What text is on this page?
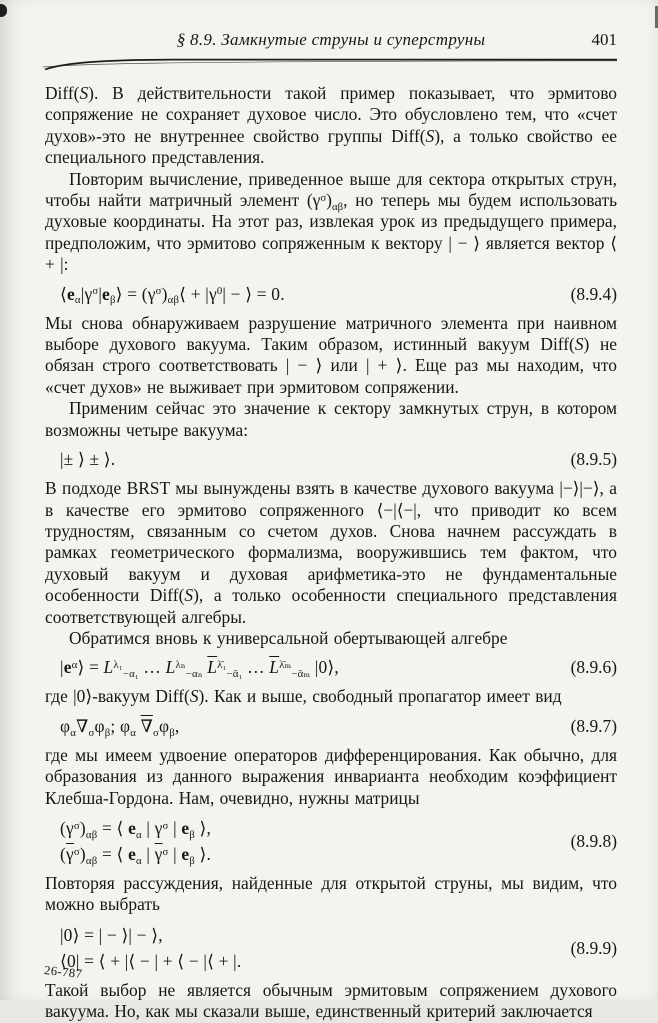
§ 8.9. Замкнутые струны и суперструны	401

Diff(S). В действительности такой пример показывает, что эрмитово сопряжение не сохраняет духовое число. Это обусловлено тем, что «счет духов»-это не внутреннее свойство группы Diff(S), а только свойство ее специального представления.

Повторим вычисление, приведенное выше для сектора открытых струн, чтобы найти матричный элемент $(\gamma^\sigma)_{\alpha\beta}$, но теперь мы будем использовать духовые координаты. На этот раз, извлекая урок из предыдущего примера, предположим, что эрмитово сопряженным к вектору | − ⟩ является вектор ⟨ + |:

$⟨e_\alpha|\gamma^\sigma|e_\beta⟩$ = $(\gamma^\sigma)_{\alpha\beta}⟨ + |\gamma^0|$ − ⟩ = 0.	(8.9.4)

Мы снова обнаруживаем разрушение матричного элемента при наивном выборе духового вакуума. Таким образом, истинный вакуум Diff(S) не обязан строго соответствовать | − ⟩ или | + ⟩. Еще раз мы находим, что «счет духов» не выживает при эрмитовом сопряжении.

Применим сейчас это значение к сектору замкнутых струн, в котором возможны четыре вакуума:

|± ⟩ ± ⟩.	(8.9.5)

В подходе BRST мы вынуждены взять в качестве духового вакуума |−⟩|−⟩, а в качестве его эрмитово сопряженного ⟨−|⟨−|, что приводит ко всем трудностям, связанным со счетом духов. Снова начнем рассуждать в рамках геометрического формализма, вооружившись тем фактом, что духовый вакуум и духовая арифметика-это не фундаментальные особенности Diff(S), а только особенности специального представления соответствующей алгебры.

Обратимся вновь к универсальной обертывающей алгебре

$|e^\alpha⟩ = L^{\lambda_1}_{-\alpha_1}$ … $L^{\lambda_n}_{-\alpha_n}$ $\overline{L}^{\lambdā_1}_{-ᾱ_1}$ … $\overline{L}^{\lambdā_m}_{-ᾱ_m}$ |0⟩,	(8.9.6)

где |0⟩-вакуум Diff(S). Как и выше, свободный пропагатор имеет вид

$\varphi_\alpha\nabla_\sigma\varphi_\beta$; $\varphi_\alpha$ $\nabla_\sigma\varphi_\beta$,	(8.9.7)

где мы имеем удвоение операторов дифференцирования. Как обычно, для образования из данного выражения инварианта необходим коэффициент Клебша-Гордона. Нам, очевидно, нужны матрицы

$(\gamma^\sigma)_{\alpha\beta}$ = ⟨ $e_\alpha$ | $\gamma^\sigma$ | $e_\beta$ ⟩,
$(\overline{\gamma}^\sigma)_{\alpha\beta}$ = ⟨ $e_\alpha$ | $\overline{\gamma}^\sigma$ | $e_\beta$ ⟩.
(8.9.8)

Повторяя рассуждения, найденные для открытой струны, мы видим, что можно выбрать

|0⟩ = | − ⟩| − ⟩,
⟨0| = ⟨ + |⟨ − | + ⟨ − |⟨ + |.
(8.9.9)

Такой выбор не является обычным эрмитовым сопряжением духового вакуума. Но, как мы сказали выше, единственный критерий заключается

26-787
